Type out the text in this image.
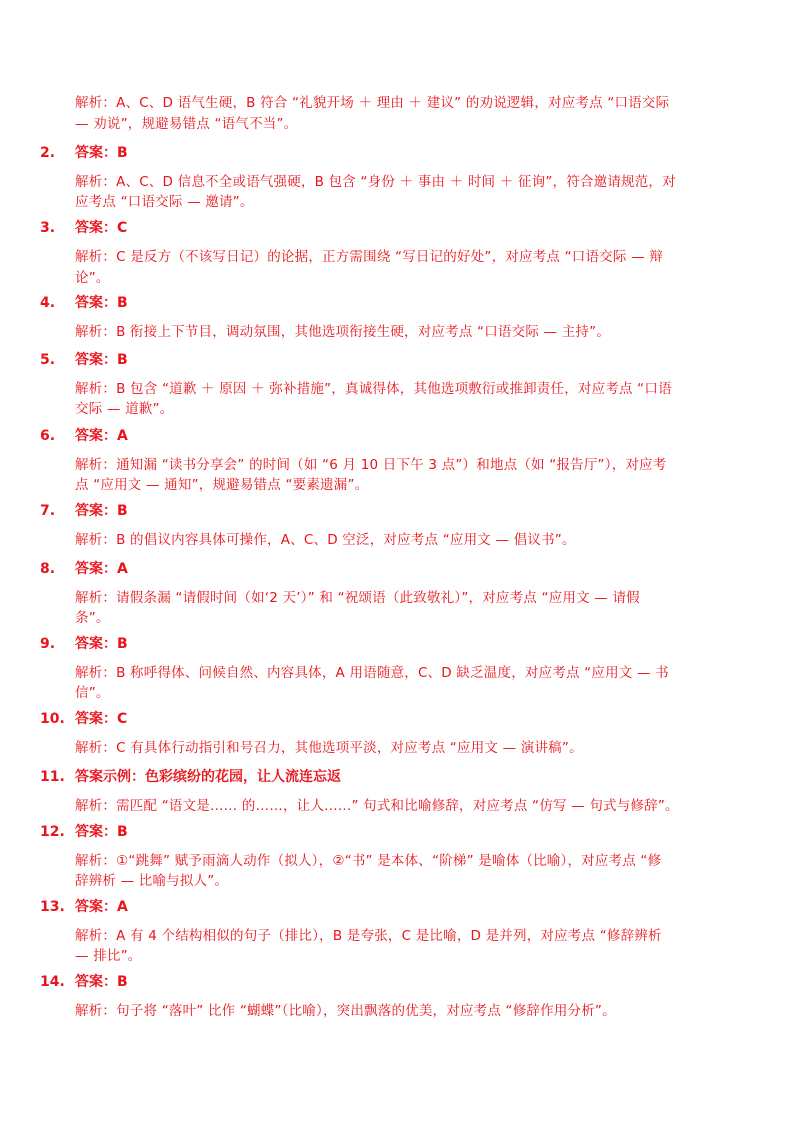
解析：A、C、D 语气生硬，B 符合 “礼貌开场 ＋ 理由 ＋ 建议” 的劝说逻辑，对应考点 “口语交际
— 劝说”，规避易错点 “语气不当”。
2.	答案：B
解析：A、C、D 信息不全或语气强硬，B 包含 “身份 ＋ 事由 ＋ 时间 ＋ 征询”，符合邀请规范，对
应考点 “口语交际 — 邀请”。
3.	答案：C
解析：C 是反方（不该写日记）的论据，正方需围绕 “写日记的好处”，对应考点 “口语交际 — 辩
论”。
4.	答案：B
解析：B 衔接上下节目，调动氛围，其他选项衔接生硬，对应考点 “口语交际 — 主持”。
5.	答案：B
解析：B 包含 “道歉 ＋ 原因 ＋ 弥补措施”，真诚得体，其他选项敷衍或推卸责任，对应考点 “口语
交际 — 道歉”。
6.	答案：A
解析：通知漏 “读书分享会” 的时间（如 “6 月 10 日下午 3 点”）和地点（如 “报告厅”），对应考
点 “应用文 — 通知”，规避易错点 “要素遗漏”。
7.	答案：B
解析：B 的倡议内容具体可操作，A、C、D 空泛，对应考点 “应用文 — 倡议书”。
8.	答案：A
解析：请假条漏 “请假时间（如‘2 天’）” 和 “祝颂语（此致敬礼）”，对应考点 “应用文 — 请假
条”。
9.	答案：B
解析：B 称呼得体、问候自然、内容具体，A 用语随意，C、D 缺乏温度，对应考点 “应用文 — 书
信”。
10. 答案：C
解析：C 有具体行动指引和号召力，其他选项平淡，对应考点 “应用文 — 演讲稿”。
11. 答案示例：色彩缤纷的花园，让人流连忘返
解析：需匹配 “语文是…… 的……，让人……” 句式和比喻修辞，对应考点 “仿写 — 句式与修辞”。
12. 答案：B
解析：①“跳舞” 赋予雨滴人动作（拟人），②“书” 是本体、“阶梯” 是喻体（比喻），对应考点 “修
辞辨析 — 比喻与拟人”。
13. 答案：A
解析：A 有 4 个结构相似的句子（排比），B 是夸张，C 是比喻，D 是并列，对应考点 “修辞辨析
— 排比”。
14. 答案：B
解析：句子将 “落叶” 比作 “蝴蝶”（比喻），突出飘落的优美，对应考点 “修辞作用分析”。
